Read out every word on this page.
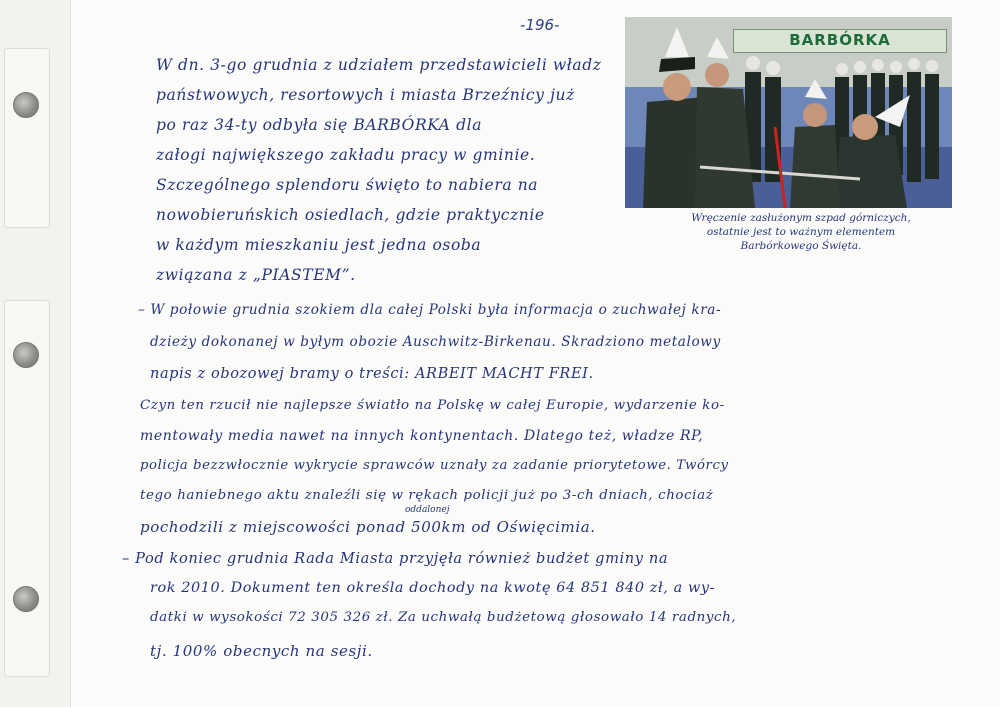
-196-
BARBÓRKA
Wręczenie zasłużonym szpad górniczych,
ostatnie jest to ważnym elementem
Barbórkowego Święta.

W dn. 3-go grudnia z udziałem przedstawicieli władz

państwowych, resortowych i miasta Brzeźnicy już

po raz 34-ty odbyła się BARBÓRKA dla

załogi największego zakładu pracy w gminie.

Szczególnego splendoru święto to nabiera na

nowobieruńskich osiedlach, gdzie praktycznie

w każdym mieszkaniu jest jedna osoba

związana z „PIASTEM”.

– W połowie grudnia szokiem dla całej Polski była informacja o zuchwałej kra-

dzieży dokonanej w byłym obozie Auschwitz-Birkenau. Skradziono metalowy

napis z obozowej bramy o treści: ARBEIT MACHT FREI.

Czyn ten rzucił nie najlepsze światło na Polskę w całej Europie, wydarzenie ko-

mentowały media nawet na innych kontynentach. Dlatego też, władze RP,

policja bezzwłocznie wykrycie sprawców uznały za zadanie priorytetowe. Twórcy

tego haniebnego aktu znaleźli się w rękach policji już po 3-ch dniach, chociaż

oddalonej

pochodzili z miejscowości ponad 500km od Oświęcimia.

– Pod koniec grudnia Rada Miasta przyjęła również budżet gminy na

rok 2010. Dokument ten określa dochody na kwotę 64 851 840 zł, a wy-

datki w wysokości 72 305 326 zł. Za uchwałą budżetową głosowało 14 radnych,

tj. 100% obecnych na sesji.
